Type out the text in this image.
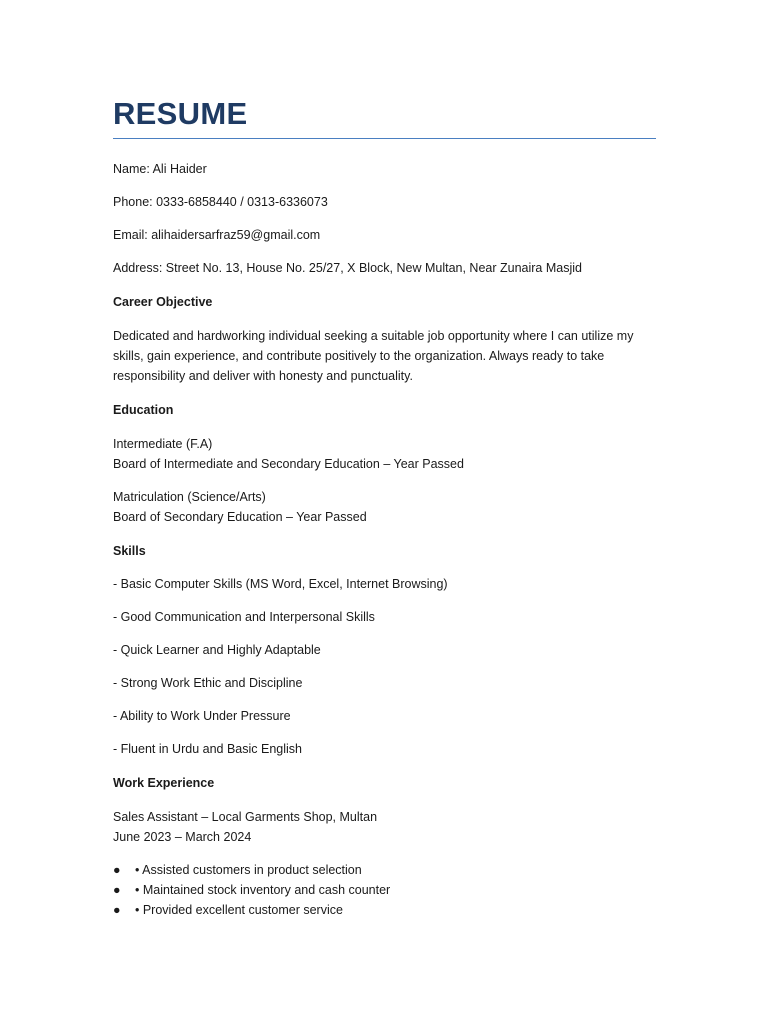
RESUME

Name: Ali Haider

Phone: 0333-6858440 / 0313-6336073

Email: alihaidersarfraz59@gmail.com

Address: Street No. 13, House No. 25/27, X Block, New Multan, Near Zunaira Masjid

Career Objective

Dedicated and hardworking individual seeking a suitable job opportunity where I can utilize my skills, gain experience, and contribute positively to the organization. Always ready to take responsibility and deliver with honesty and punctuality.

Education

Intermediate (F.A)

Board of Intermediate and Secondary Education – Year Passed

Matriculation (Science/Arts)

Board of Secondary Education – Year Passed

Skills

- Basic Computer Skills (MS Word, Excel, Internet Browsing)

- Good Communication and Interpersonal Skills

- Quick Learner and Highly Adaptable

- Strong Work Ethic and Discipline

- Ability to Work Under Pressure

- Fluent in Urdu and Basic English

Work Experience

Sales Assistant – Local Garments Shop, Multan

June 2023 – March 2024

● • Assisted customers in product selection
● • Maintained stock inventory and cash counter
● • Provided excellent customer service
